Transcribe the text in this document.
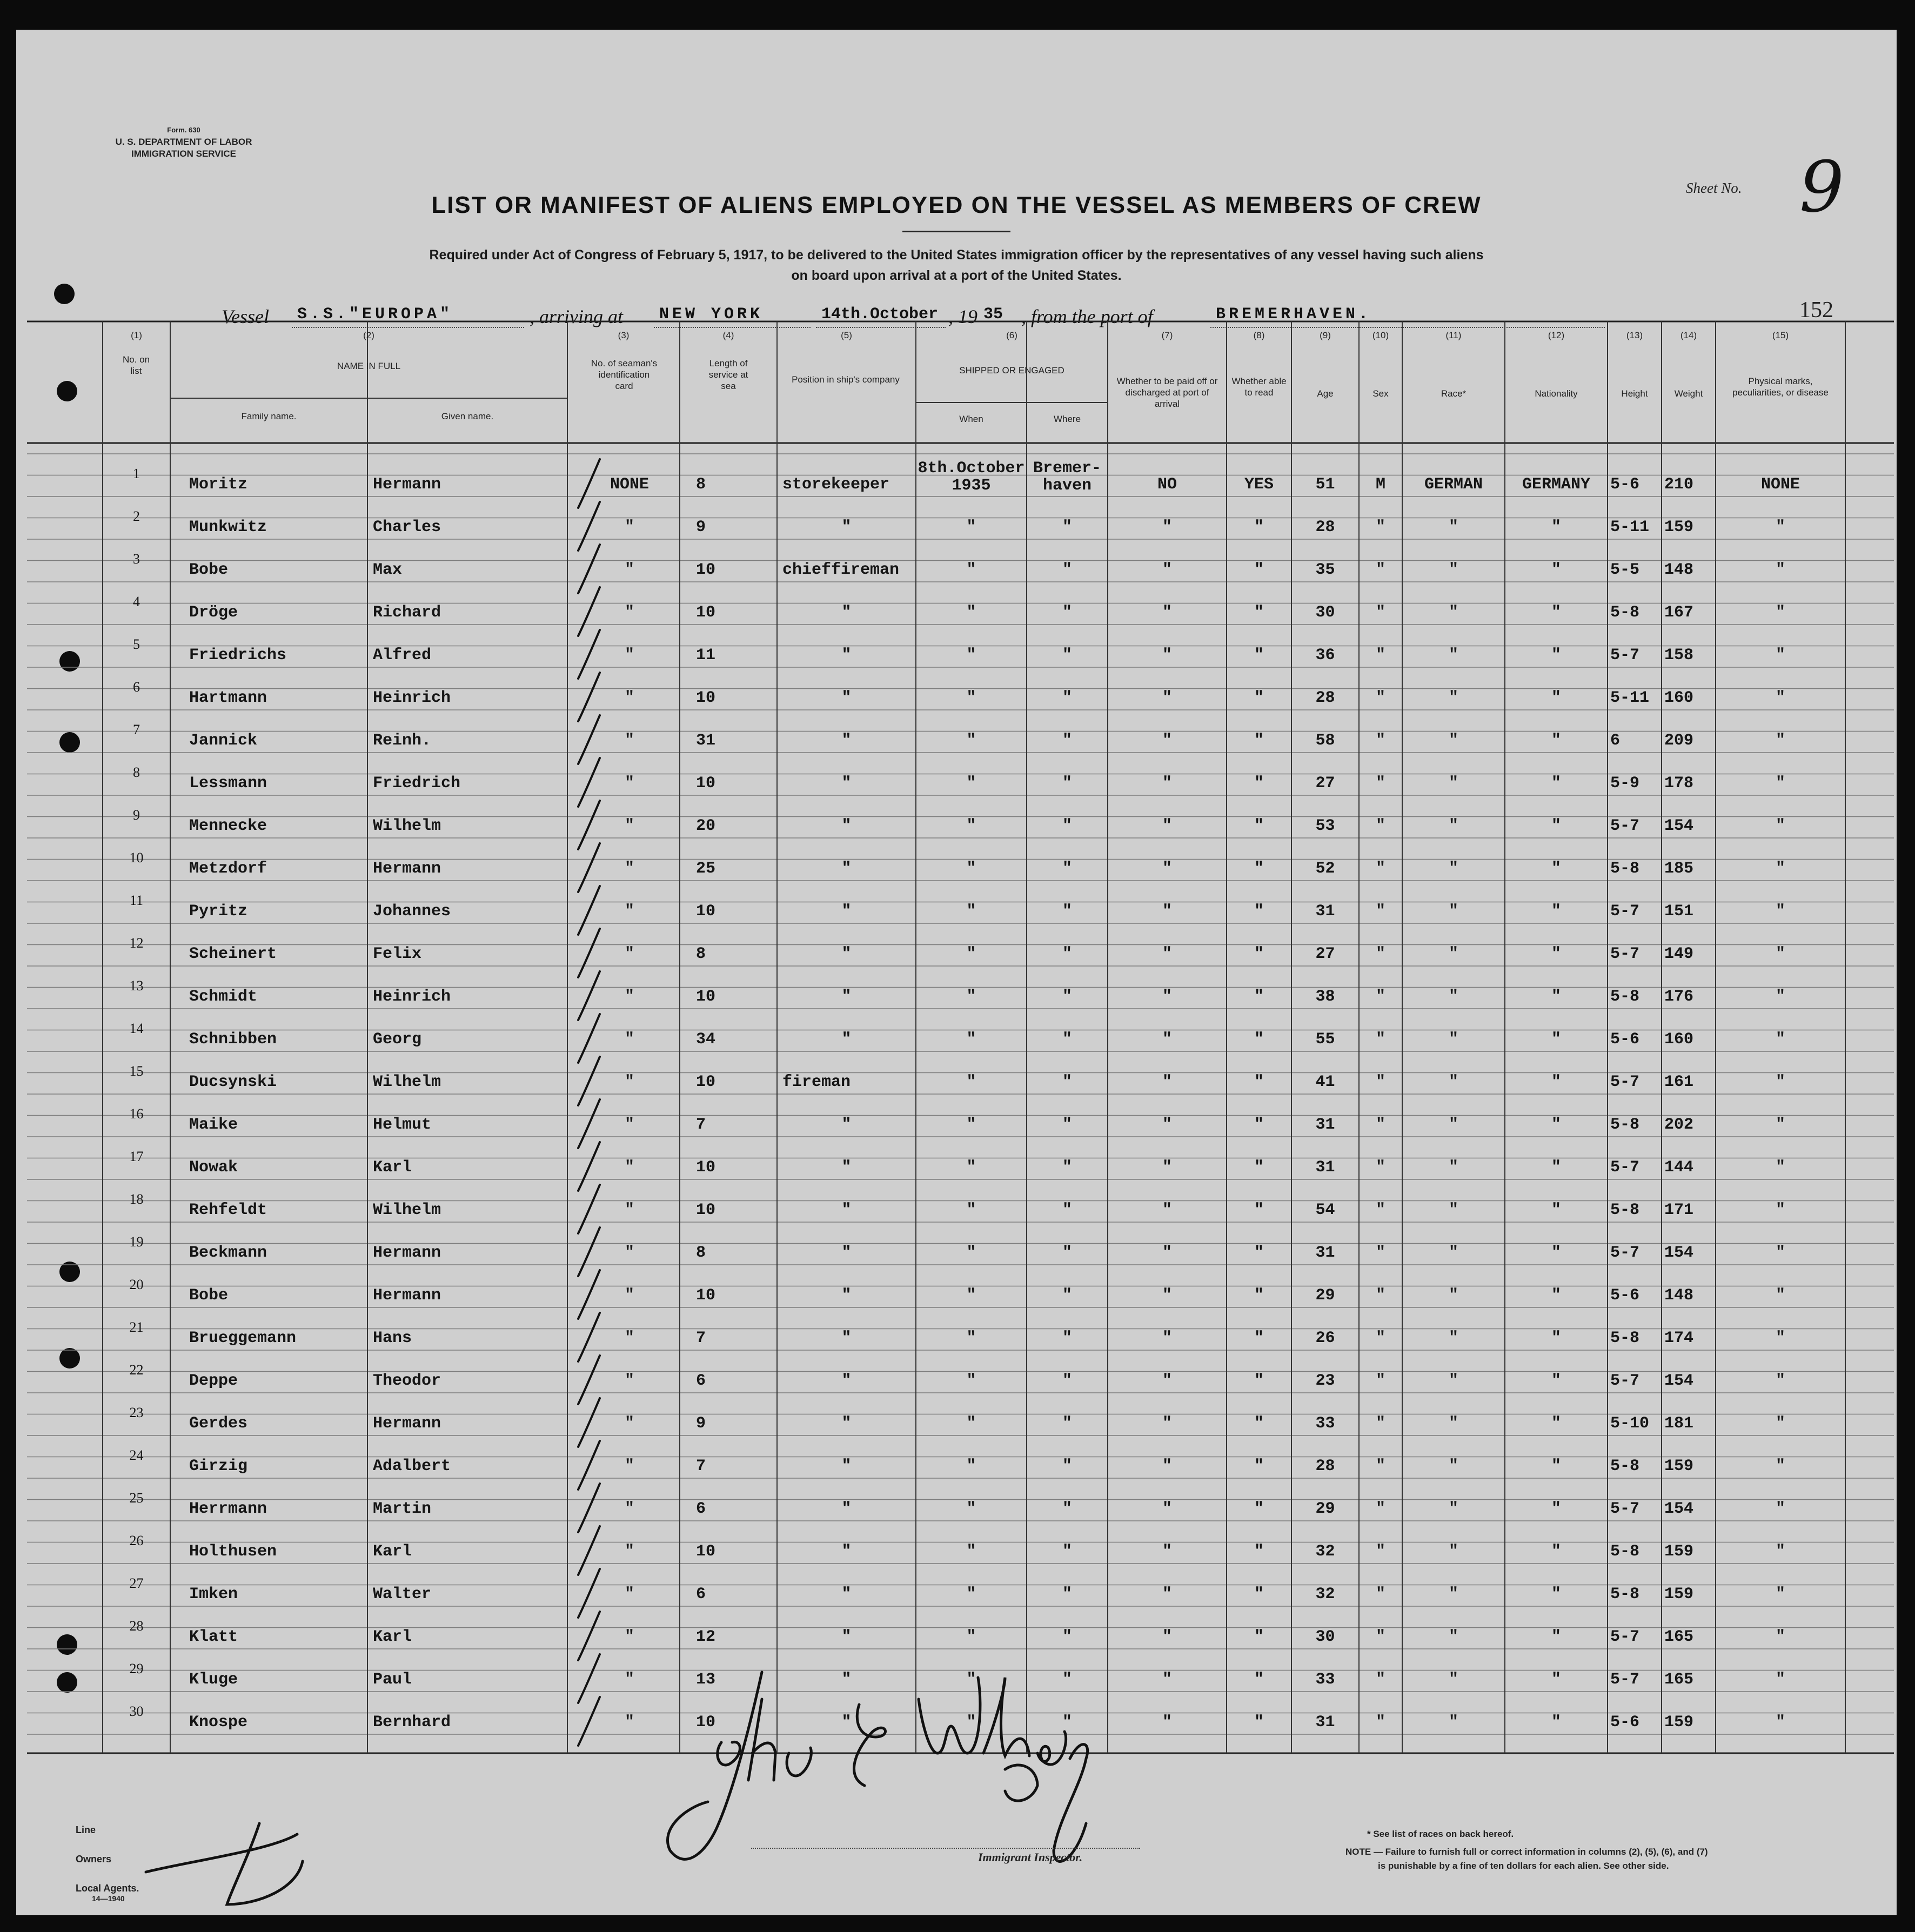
Form. 630
U. S. DEPARTMENT OF LABOR
IMMIGRATION SERVICE
LIST OR MANIFEST OF ALIENS EMPLOYED ON THE VESSEL AS MEMBERS OF CREW
Required under Act of Congress of February 5, 1917, to be delivered to the United States immigration officer by the representatives of any vessel having such aliens
on board upon arrival at a port of the United States.
Sheet No. 9
152
Vessel S.S."EUROPA"	, arriving at NEW YORK	14th.October , 19 35 , from the port of	BREMERHAVEN.
(1)	(2)	(3)	(4)	(5)	(6)	(7)	(8)	(9)	(10)	(11)	(12)	(13)	(14)	(15)
No. on list	NAME IN FULL
Family name.	Given name.
No. of seaman's identification card
Length of service at sea
Position in ship's company
SHIPPED OR ENGAGED
When	Where
Whether to be paid off or discharged at port of arrival
Whether able to read	Age	Sex	Race*	Nationality	Height	Weight
Physical marks, peculiarities, or disease
1
Moritz	Hermann	NONE	8	storekeeper
8th.October
1935
Bremer-
haven	NO	YES	51	M	GERMAN	GERMANY	5-6 210	NONE
2
Munkwitz	Charles	"	9	"	"	"	"	"	28	"	"	"	5-11 159	"
3
Bobe	Max	"	10	chieffireman	"	"	"	"	35	"	"	"	5-5 148	"
4
Dröge	Richard	"	10	"	"	"	"	"	30	"	"	"	5-8 167	"
5
Friedrichs	Alfred	"	11	"	"	"	"	"	36	"	"	"	5-7 158	"
6
Hartmann	Heinrich	"	10	"	"	"	"	"	28	"	"	"	5-11 160	"
7
Jannick	Reinh.	"	31	"	"	"	"	"	58	"	"	"	6	209	"
8
Lessmann	Friedrich	"	10	"	"	"	"	"	27	"	"	"	5-9 178	"
9
Mennecke	Wilhelm	"	20	"	"	"	"	"	53	"	"	"	5-7 154	"
10
Metzdorf	Hermann	"	25	"	"	"	"	"	52	"	"	"	5-8 185	"
11
Pyritz	Johannes	"	10	"	"	"	"	"	31	"	"	"	5-7 151	"
12
Scheinert	Felix	"	8	"	"	"	"	"	27	"	"	"	5-7 149	"
13
Schmidt	Heinrich	"	10	"	"	"	"	"	38	"	"	"	5-8 176	"
14
Schnibben	Georg	"	34	"	"	"	"	"	55	"	"	"	5-6 160	"
15
Ducsynski	Wilhelm	"	10	fireman	"	"	"	"	41	"	"	"	5-7 161	"
16
Maike	Helmut	"	7	"	"	"	"	"	31	"	"	"	5-8 202	"
17
Nowak	Karl	"	10	"	"	"	"	"	31	"	"	"	5-7 144	"
18
Rehfeldt	Wilhelm	"	10	"	"	"	"	"	54	"	"	"	5-8 171	"
19
Beckmann	Hermann	"	8	"	"	"	"	"	31	"	"	"	5-7 154	"
20
Bobe	Hermann	"	10	"	"	"	"	"	29	"	"	"	5-6 148	"
21
Brueggemann	Hans	"	7	"	"	"	"	"	26	"	"	"	5-8 174	"
22
Deppe	Theodor	"	6	"	"	"	"	"	23	"	"	"	5-7 154	"
23
Gerdes	Hermann	"	9	"	"	"	"	"	33	"	"	"	5-10 181	"
24
Girzig	Adalbert	"	7	"	"	"	"	"	28	"	"	"	5-8 159	"
25
Herrmann	Martin	"	6	"	"	"	"	"	29	"	"	"	5-7 154	"
26
Holthusen	Karl	"	10	"	"	"	"	"	32	"	"	"	5-8 159	"
27
Imken	Walter	"	6	"	"	"	"	"	32	"	"	"	5-8 159	"
28
Klatt	Karl	"	12	"	"	"	"	"	30	"	"	"	5-7 165	"
29
Kluge	Paul	"	13	"	"	"	"	"	33	"	"	"	5-7 165	"
30
Knospe	Bernhard	"	10	"	"	"	"	"	31	"	"	"	5-6 159	"
Line
Owners
Local Agents.
14—1940
Immigrant Inspector.
* See list of races on back hereof.
NOTE — Failure to furnish full or correct information in columns (2), (5), (6), and (7)
is punishable by a fine of ten dollars for each alien. See other side.
